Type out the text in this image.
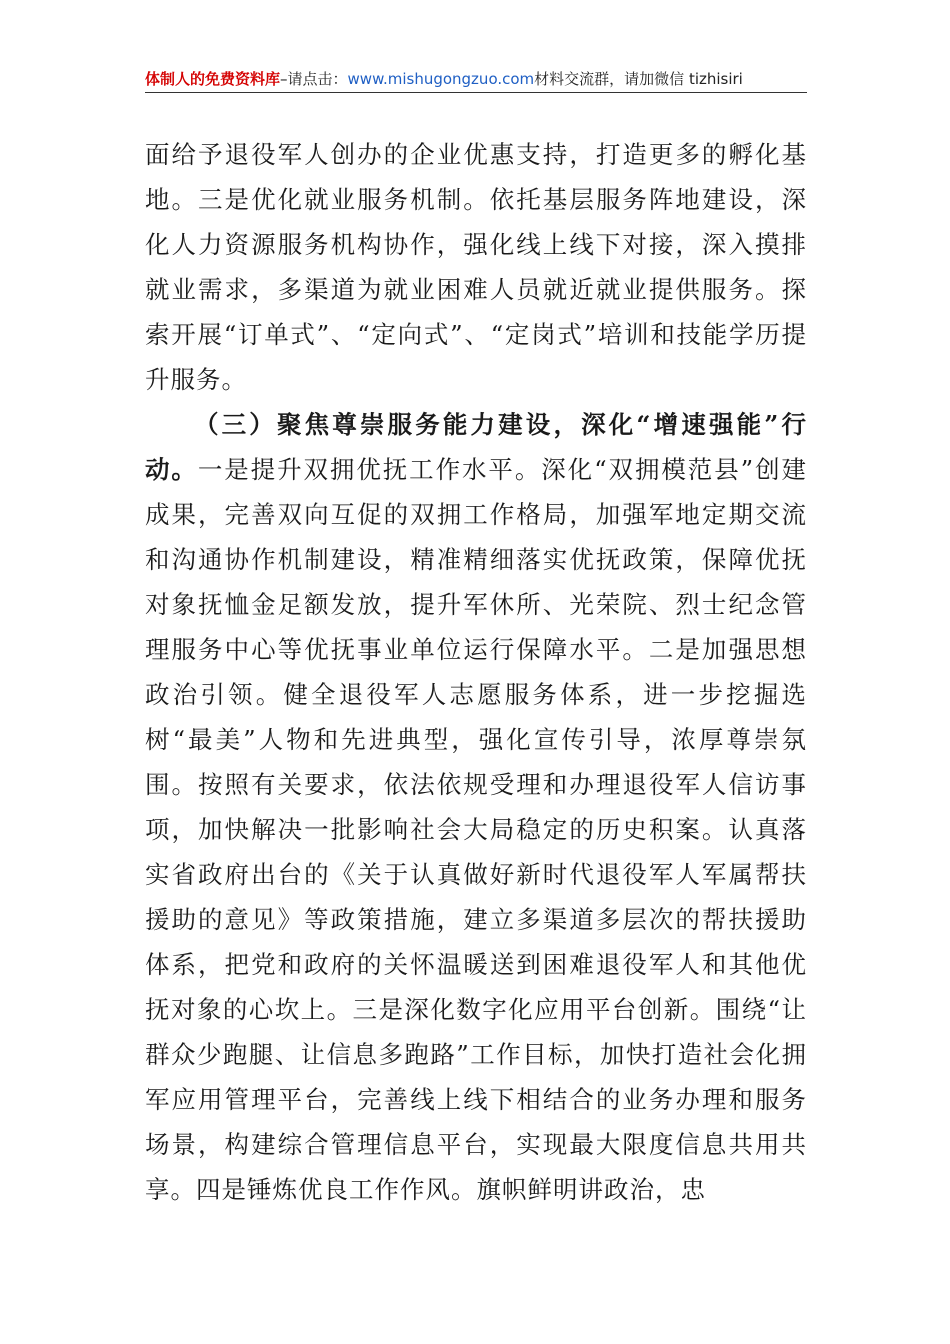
体制人的免费资料库–请点击：www.mishugongzuo.com材料交流群，请加微信 tizhisiri

面给予退役军人创办的企业优惠支持，打造更多的孵化基地。三是优化就业服务机制。依托基层服务阵地建设，深化人力资源服务机构协作，强化线上线下对接，深入摸排就业需求，多渠道为就业困难人员就近就业提供服务。探索开展“订单式”、“定向式”、“定岗式”培训和技能学历提升服务。

（三）聚焦尊崇服务能力建设，深化“增速强能”行动。一是提升双拥优抚工作水平。深化“双拥模范县”创建成果，完善双向互促的双拥工作格局，加强军地定期交流和沟通协作机制建设，精准精细落实优抚政策，保障优抚对象抚恤金足额发放，提升军休所、光荣院、烈士纪念管理服务中心等优抚事业单位运行保障水平。二是加强思想政治引领。健全退役军人志愿服务体系，进一步挖掘选树“最美”人物和先进典型，强化宣传引导，浓厚尊崇氛围。按照有关要求，依法依规受理和办理退役军人信访事项，加快解决一批影响社会大局稳定的历史积案。认真落实省政府出台的《关于认真做好新时代退役军人军属帮扶援助的意见》等政策措施，建立多渠道多层次的帮扶援助体系，把党和政府的关怀温暖送到困难退役军人和其他优抚对象的心坎上。三是深化数字化应用平台创新。围绕“让群众少跑腿、让信息多跑路”工作目标，加快打造社会化拥军应用管理平台，完善线上线下相结合的业务办理和服务场景，构建综合管理信息平台，实现最大限度信息共用共享。四是锤炼优良工作作风。旗帜鲜明讲政治，忠
